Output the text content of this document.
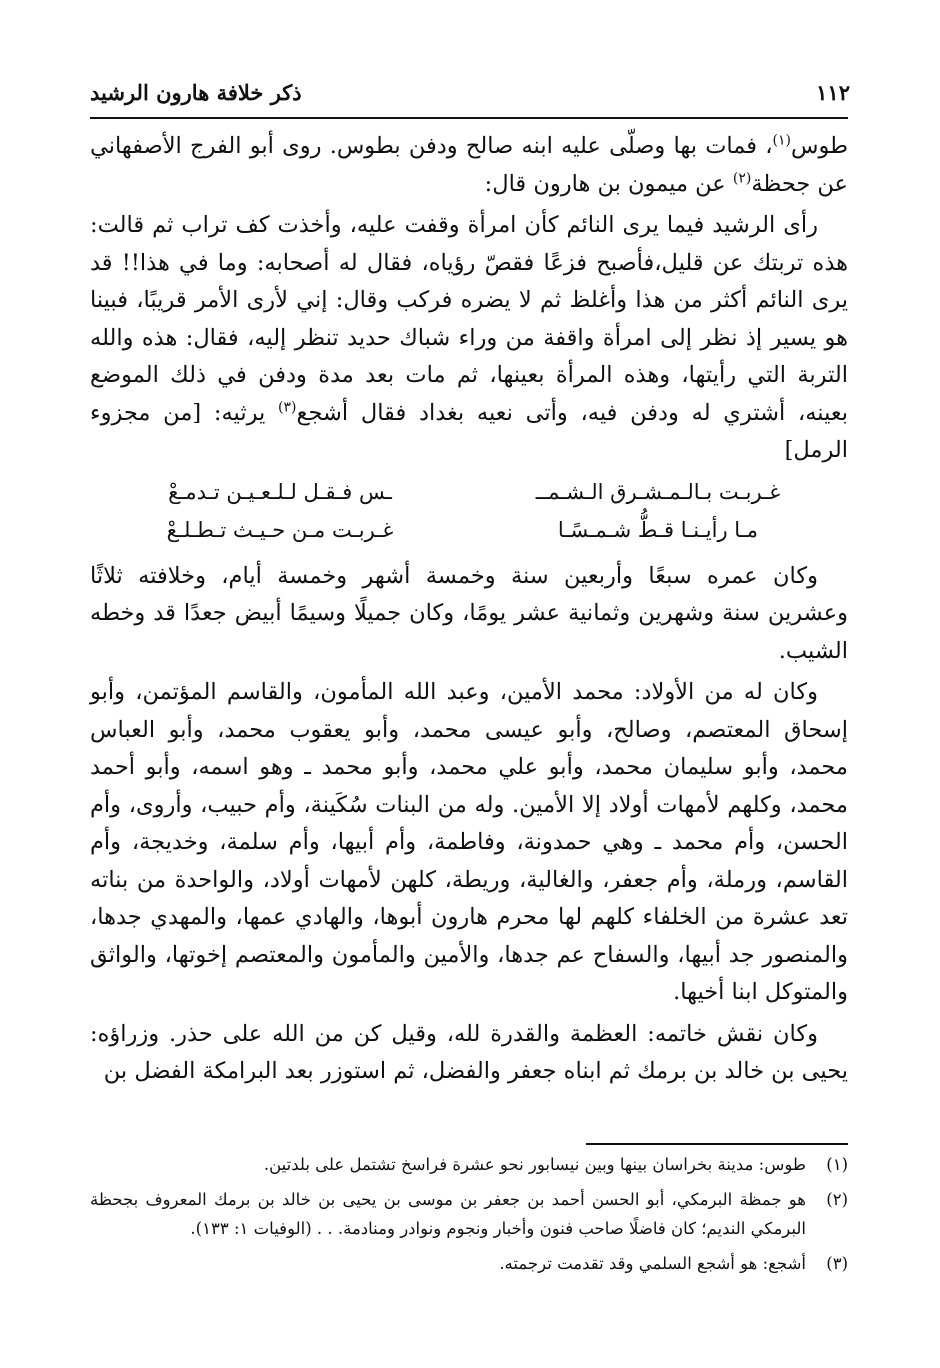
١١٢
ذكر خلافة هارون الرشيد

طوس$^{(١)}$، فمات بها وصلّى عليه ابنه صالح ودفن بطوس. روى أبو الفرج الأصفهاني عن جحظة$^{(٢)}$ عن ميمون بن هارون قال:

رأى الرشيد فيما يرى النائم كأن امرأة وقفت عليه، وأخذت كف تراب ثم قالت: هذه تربتك عن قليل،فأصبح فزعًا فقصّ رؤياه، فقال له أصحابه: وما في هذا!! قد يرى النائم أكثر من هذا وأغلظ ثم لا يضره فركب وقال: إني لأرى الأمر قريبًا، فبينا هو يسير إذ نظر إلى امرأة واقفة من وراء شباك حديد تنظر إليه، فقال: هذه والله التربة التي رأيتها، وهذه المرأة بعينها، ثم مات بعد مدة ودفن في ذلك الموضع بعينه، أشتري له ودفن فيه، وأتى نعيه بغداد فقال أشجع$^{(٣)}$ يرثيه: [من مجزوء الرمل]

غـربـت بـالـمـشـرق الـشـمــ
ـس فـقـل لـلـعـيـن تـدمـعْ
مـا رأيـنـا قـطُّ شـمـسًـا
غـربـت مـن حـيـث تـطـلـعْ

وكان عمره سبعًا وأربعين سنة وخمسة أشهر وخمسة أيام، وخلافته ثلاثًا وعشرين سنة وشهرين وثمانية عشر يومًا، وكان جميلًا وسيمًا أبيض جعدًا قد وخطه الشيب.

وكان له من الأولاد: محمد الأمين، وعبد الله المأمون، والقاسم المؤتمن، وأبو إسحاق المعتصم، وصالح، وأبو عيسى محمد، وأبو يعقوب محمد، وأبو العباس محمد، وأبو سليمان محمد، وأبو علي محمد، وأبو محمد ـ وهو اسمه، وأبو أحمد محمد، وكلهم لأمهات أولاد إلا الأمين. وله من البنات سُكَينة، وأم حبيب، وأروى، وأم الحسن، وأم محمد ـ وهي حمدونة، وفاطمة، وأم أبيها، وأم سلمة، وخديجة، وأم القاسم، ورملة، وأم جعفر، والغالية، وريطة، كلهن لأمهات أولاد، والواحدة من بناته تعد عشرة من الخلفاء كلهم لها محرم هارون أبوها، والهادي عمها، والمهدي جدها، والمنصور جد أبيها، والسفاح عم جدها، والأمين والمأمون والمعتصم إخوتها، والواثق والمتوكل ابنا أخيها.

وكان نقش خاتمه: العظمة والقدرة لله، وقيل كن من الله على حذر. وزراؤه: يحيى بن خالد بن برمك ثم ابناه جعفر والفضل، ثم استوزر بعد البرامكة الفضل بن

(١)
طوس: مدينة بخراسان بينها وبين نيسابور نحو عشرة فراسخ تشتمل على بلدتين.
(٢)
هو جمظة البرمكي، أبو الحسن أحمد بن جعفر بن موسى بن يحيى بن خالد بن برمك المعروف بجحظة البرمكي النديم؛ كان فاضلًا صاحب فنون وأخبار ونجوم ونوادر ومنادمة. . . (الوفيات ١: ١٣٣).
(٣)
أشجع: هو أشجع السلمي وقد تقدمت ترجمته.
